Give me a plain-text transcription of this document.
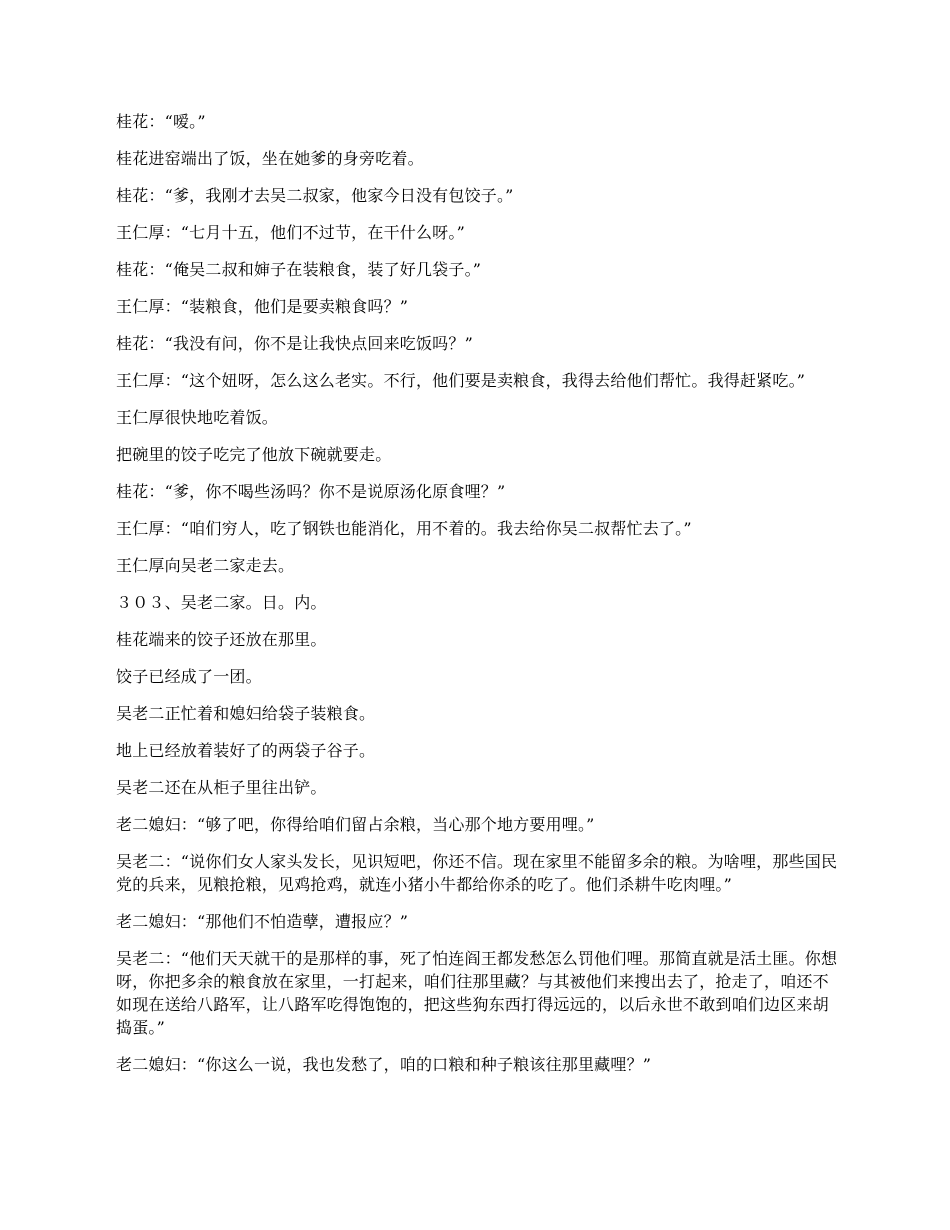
桂花：“嗳。”

桂花进窑端出了饭，坐在她爹的身旁吃着。

桂花：“爹，我刚才去吴二叔家，他家今日没有包饺子。”

王仁厚：“七月十五，他们不过节，在干什么呀。”

桂花：“俺吴二叔和婶子在装粮食，装了好几袋子。”

王仁厚：“装粮食，他们是要卖粮食吗？”

桂花：“我没有问，你不是让我快点回来吃饭吗？”

王仁厚：“这个妞呀，怎么这么老实。不行，他们要是卖粮食，我得去给他们帮忙。我得赶紧吃。”

王仁厚很快地吃着饭。

把碗里的饺子吃完了他放下碗就要走。

桂花：“爹，你不喝些汤吗？你不是说原汤化原食哩？”

王仁厚：“咱们穷人，吃了钢铁也能消化，用不着的。我去给你吴二叔帮忙去了。”

王仁厚向吴老二家走去。

３０３、吴老二家。日。内。

桂花端来的饺子还放在那里。

饺子已经成了一团。

吴老二正忙着和媳妇给袋子装粮食。

地上已经放着装好了的两袋子谷子。

吴老二还在从柜子里往出铲。

老二媳妇：“够了吧，你得给咱们留占余粮，当心那个地方要用哩。”

吴老二：“说你们女人家头发长，见识短吧，你还不信。现在家里不能留多余的粮。为啥哩，那些国民党的兵来，见粮抢粮，见鸡抢鸡，就连小猪小牛都给你杀的吃了。他们杀耕牛吃肉哩。”

老二媳妇：“那他们不怕造孽，遭报应？”

吴老二：“他们天天就干的是那样的事，死了怕连阎王都发愁怎么罚他们哩。那简直就是活土匪。你想呀，你把多余的粮食放在家里，一打起来，咱们往那里藏？与其被他们来搜出去了，抢走了，咱还不如现在送给八路军，让八路军吃得饱饱的，把这些狗东西打得远远的，以后永世不敢到咱们边区来胡捣蛋。”

老二媳妇：“你这么一说，我也发愁了，咱的口粮和种子粮该往那里藏哩？”
